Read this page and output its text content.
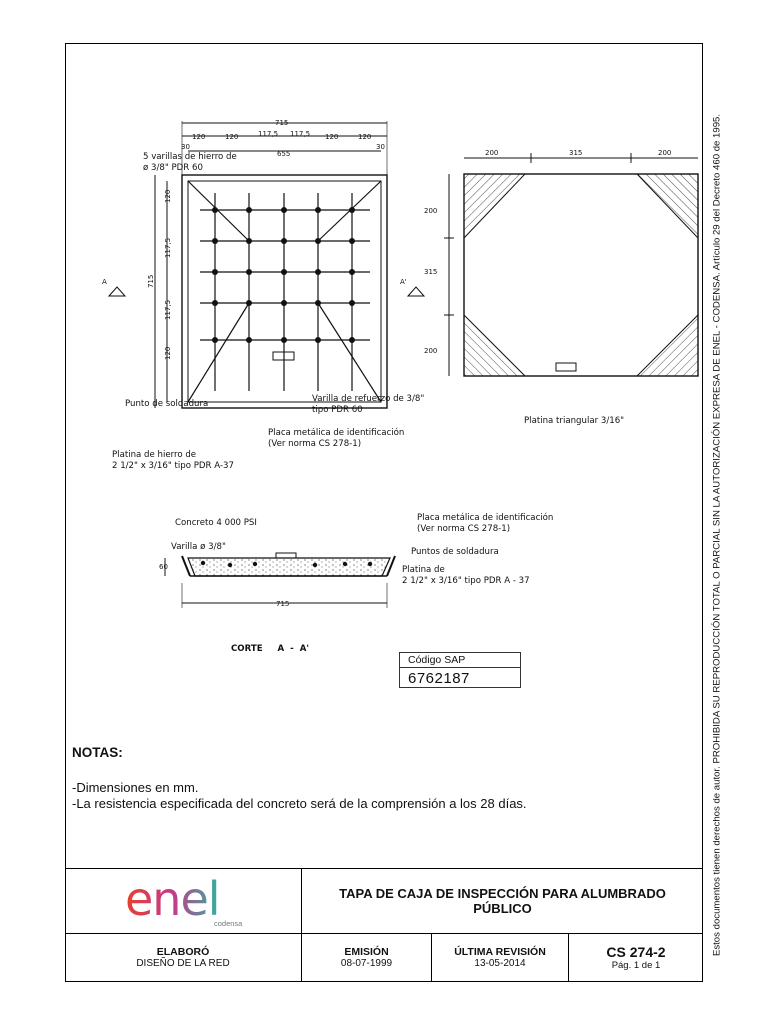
Estos documentos tienen derechos de autor. PROHIBIDA SU REPRODUCCIÓN TOTAL O PARCIAL SIN LA AUTORIZACIÓN EXPRESA DE ENEL - CODENSA. Artículo 29 del Decreto 460 de 1995.
715
120	120	117,5 117,5 120	120
30
655
30
715
120
117,5
117,5
120
A	A'
5 varillas de hierro de
ø 3/8" PDR 60
Punto de soldadura	Varilla de refuerzo de 3/8"
tipo PDR 60
Placa metálica de identificación
(Ver norma CS 278-1)
Platina de hierro de
2 1/2" x 3/16" tipo PDR A-37
200	315	200
200
315
200
Platina triangular 3/16"
Concreto 4 000 PSI
Varilla ø 3/8"
Placa metálica de identificación
(Ver norma CS 278-1)
Puntos de soldadura
Platina de
2 1/2" x 3/16" tipo PDR A - 37
60
715
CORTE     A  -  A'
Código SAP
6762187
NOTAS:
-Dimensiones en mm.
-La resistencia especificada del concreto será de la comprensión a los 28 días.
enel
codensa
TAPA DE CAJA DE INSPECCIÓN PARA ALUMBRADO PÚBLICO
ELABORÓ
DISEÑO DE LA RED
EMISIÓN
08-07-1999
ÚLTIMA REVISIÓN
13-05-2014
CS 274-2
Pág. 1 de 1
